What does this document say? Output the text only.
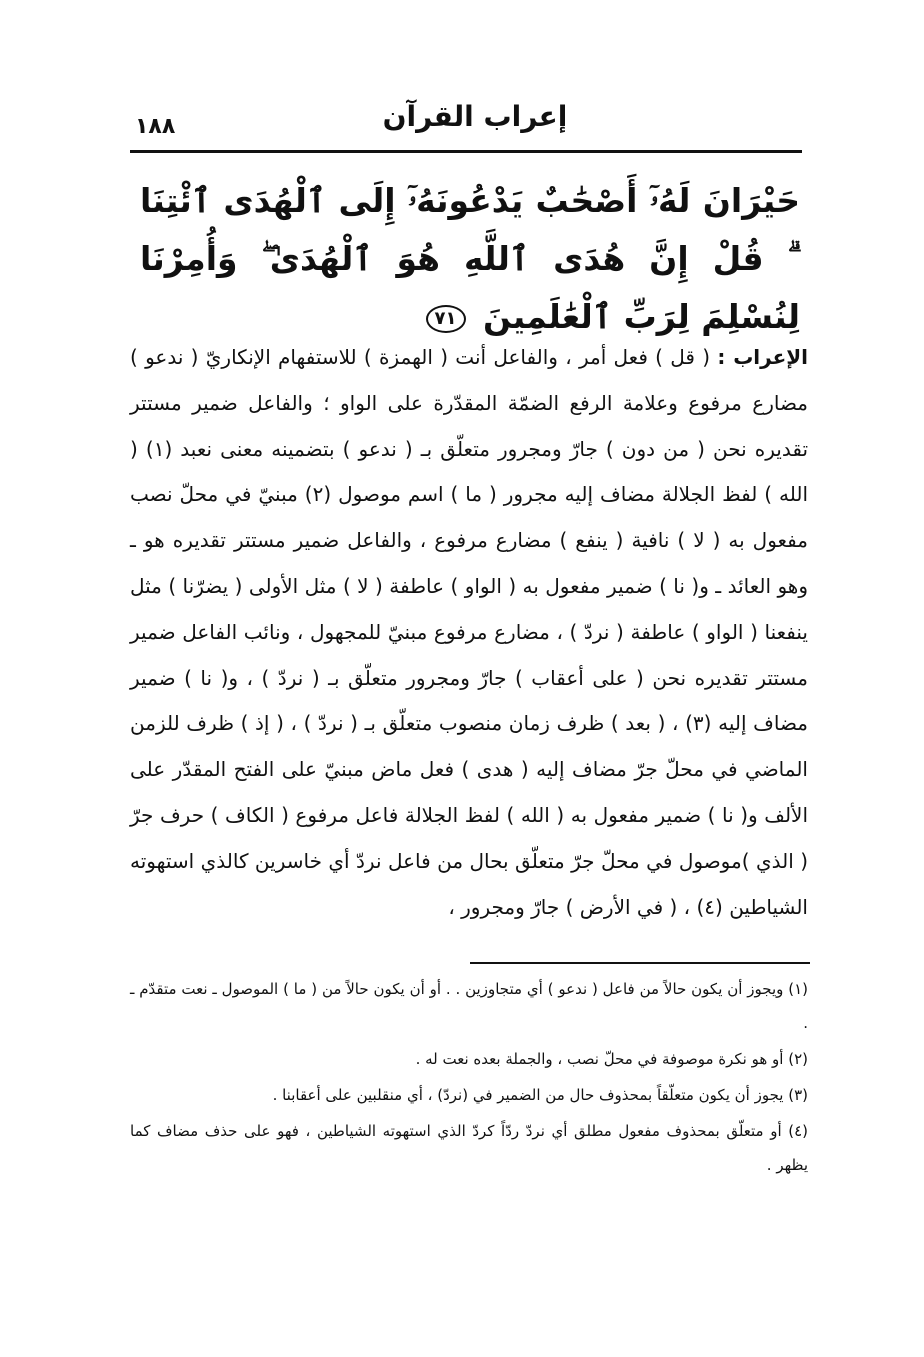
١٨٨	إعراب القرآن
حَيْرَانَ لَهُۥٓ أَصْحَٰبٌ يَدْعُونَهُۥٓ إِلَى ٱلْهُدَى ٱئْتِنَا ۗ قُلْ إِنَّ هُدَى ٱللَّهِ هُوَ ٱلْهُدَىٰ ۖ وَأُمِرْنَا لِنُسْلِمَ لِرَبِّ ٱلْعَٰلَمِينَ ٧١
الإعراب : ( قل ) فعل أمر ، والفاعل أنت ( الهمزة ) للاستفهام الإنكاريّ ( ندعو ) مضارع مرفوع وعلامة الرفع الضمّة المقدّرة على الواو ؛ والفاعل ضمير مستتر تقديره نحن ( من دون ) جارّ ومجرور متعلّق بـ ( ندعو ) بتضمينه معنى نعبد (١) ( الله ) لفظ الجلالة مضاف إليه مجرور ( ما ) اسم موصول (٢) مبنيّ في محلّ نصب مفعول به ( لا ) نافية ( ينفع ) مضارع مرفوع ، والفاعل ضمير مستتر تقديره هو ـ وهو العائد ـ و( نا ) ضمير مفعول به ( الواو ) عاطفة ( لا ) مثل الأولى ( يضرّنا ) مثل ينفعنا ( الواو ) عاطفة ( نردّ ) ، مضارع مرفوع مبنيّ للمجهول ، ونائب الفاعل ضمير مستتر تقديره نحن ( على أعقاب ) جارّ ومجرور متعلّق بـ ( نردّ ) ، و( نا ) ضمير مضاف إليه (٣) ، ( بعد ) ظرف زمان منصوب متعلّق بـ ( نردّ ) ، ( إذ ) ظرف للزمن الماضي في محلّ جرّ مضاف إليه ( هدى ) فعل ماض مبنيّ على الفتح المقدّر على الألف و( نا ) ضمير مفعول به ( الله ) لفظ الجلالة فاعل مرفوع ( الكاف ) حرف جرّ ( الذي )موصول في محلّ جرّ متعلّق بحال من فاعل نردّ أي خاسرين كالذي استهوته الشياطين (٤) ، ( في الأرض ) جارّ ومجرور ،

(١) ويجوز أن يكون حالاً من فاعل ( ندعو ) أي متجاوزين . . أو أن يكون حالاً من ( ما ) الموصول ـ نعت متقدّم ـ .

(٢) أو هو نكرة موصوفة في محلّ نصب ، والجملة بعده نعت له .

(٣) يجوز أن يكون متعلّقاً بمحذوف حال من الضمير في (نردّ) ، أي منقلبين على أعقابنا .

(٤) أو متعلّق بمحذوف مفعول مطلق أي نردّ ردّاً كردّ الذي استهوته الشياطين ، فهو على حذف مضاف كما يظهر .
